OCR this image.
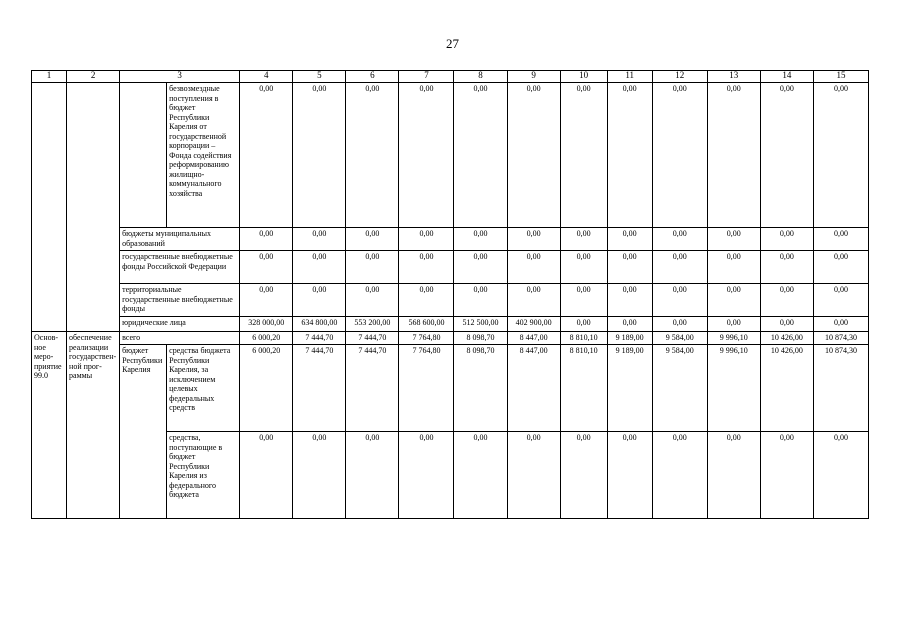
27
1	2	3		4	5	6	7	8	9	10	11	12	13	14	15
			безвозмездные поступления в бюджет Республики Карелия от государственной корпорации – Фонда содействия реформированию жилищно-коммунального хозяйства	0,00	0,00	0,00	0,00	0,00	0,00	0,00	0,00	0,00	0,00	0,00	0,00
		бюджеты муниципальных образований		0,00	0,00	0,00	0,00	0,00	0,00	0,00	0,00	0,00	0,00	0,00	0,00
		государственные внебюджетные фонды Российской Федерации		0,00	0,00	0,00	0,00	0,00	0,00	0,00	0,00	0,00	0,00	0,00	0,00
		территориальные государственные внебюджетные фонды		0,00	0,00	0,00	0,00	0,00	0,00	0,00	0,00	0,00	0,00	0,00	0,00
		юридические лица		328 000,00	634 800,00	553 200,00	568 600,00	512 500,00	402 900,00	0,00	0,00	0,00	0,00	0,00	0,00
Основное мероприятие 99.0	обеспечение реализации государственной программы	всего		6 000,20	7 444,70	7 444,70	7 764,80	8 098,70	8 447,00	8 810,10	9 189,00	9 584,00	9 996,10	10 426,00	10 874,30
		бюджет Республики Карелия	средства бюджета Республики Карелия, за исключением целевых федеральных средств	6 000,20	7 444,70	7 444,70	7 764,80	8 098,70	8 447,00	8 810,10	9 189,00	9 584,00	9 996,10	10 426,00	10 874,30
			средства, поступающие в бюджет Республики Карелия из федерального бюджета	0,00	0,00	0,00	0,00	0,00	0,00	0,00	0,00	0,00	0,00	0,00	0,00
